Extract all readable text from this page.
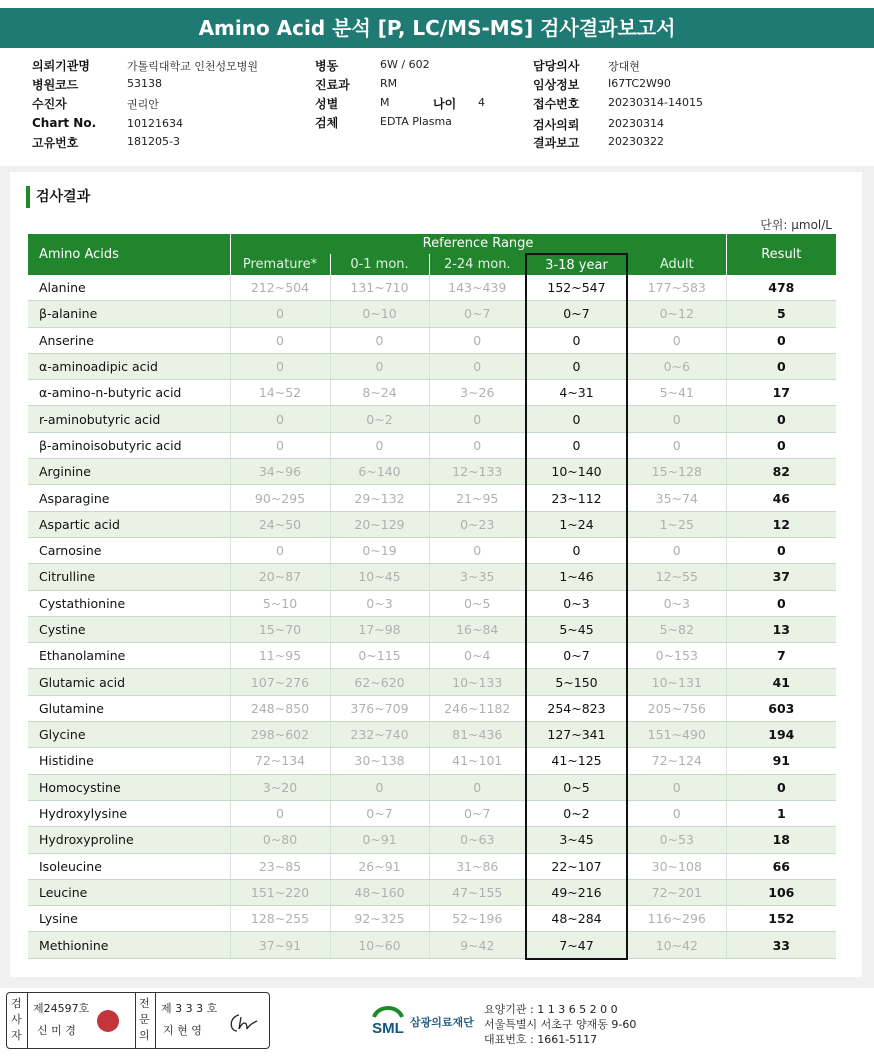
Amino Acid 분석 [P, LC/MS-MS] 검사결과보고서
의뢰기관명	가톨릭대학교 인천성모병원
병원코드	53138
수진자	권리안
Chart No.	10121634
고유번호	181205-3
병동	6W / 602
진료과	RM
성별	M	나이 4
검체	EDTA Plasma
담당의사	장대현
임상정보	I67TC2W90
접수번호	20230314-14015
검사의뢰	20230314
결과보고	20230322
검사결과
단위: μmol/L
Amino Acids	Reference Range					Result
	Premature*	0-1 mon.	2-24 mon.	3-18 year	Adult	
Alanine	212~504	131~710	143~439	152~547	177~583	478
β-alanine	0	0~10	0~7	0~7	0~12	5
Anserine	0	0	0	0	0	0
α-aminoadipic acid	0	0	0	0	0~6	0
α-amino-n-butyric acid	14~52	8~24	3~26	4~31	5~41	17
r-aminobutyric acid	0	0~2	0	0	0	0
β-aminoisobutyric acid	0	0	0	0	0	0
Arginine	34~96	6~140	12~133	10~140	15~128	82
Asparagine	90~295	29~132	21~95	23~112	35~74	46
Aspartic acid	24~50	20~129	0~23	1~24	1~25	12
Carnosine	0	0~19	0	0	0	0
Citrulline	20~87	10~45	3~35	1~46	12~55	37
Cystathionine	5~10	0~3	0~5	0~3	0~3	0
Cystine	15~70	17~98	16~84	5~45	5~82	13
Ethanolamine	11~95	0~115	0~4	0~7	0~153	7
Glutamic acid	107~276	62~620	10~133	5~150	10~131	41
Glutamine	248~850	376~709	246~1182	254~823	205~756	603
Glycine	298~602	232~740	81~436	127~341	151~490	194
Histidine	72~134	30~138	41~101	41~125	72~124	91
Homocystine	3~20	0	0	0~5	0	0
Hydroxylysine	0	0~7	0~7	0~2	0	1
Hydroxyproline	0~80	0~91	0~63	3~45	0~53	18
Isoleucine	23~85	26~91	31~86	22~107	30~108	66
Leucine	151~220	48~160	47~155	49~216	72~201	106
Lysine	128~255	92~325	52~196	48~284	116~296	152
Methionine	37~91	10~60	9~42	7~47	10~42	33
검사자
제24597호
신 미 경
전문의
제 3 3 3 호
지 현 영	SML 삼광의료재단
요양기관 : 1 1 3 6 5 2 0 0
서울특별시 서초구 양재동 9-60
대표번호 : 1661-5117
